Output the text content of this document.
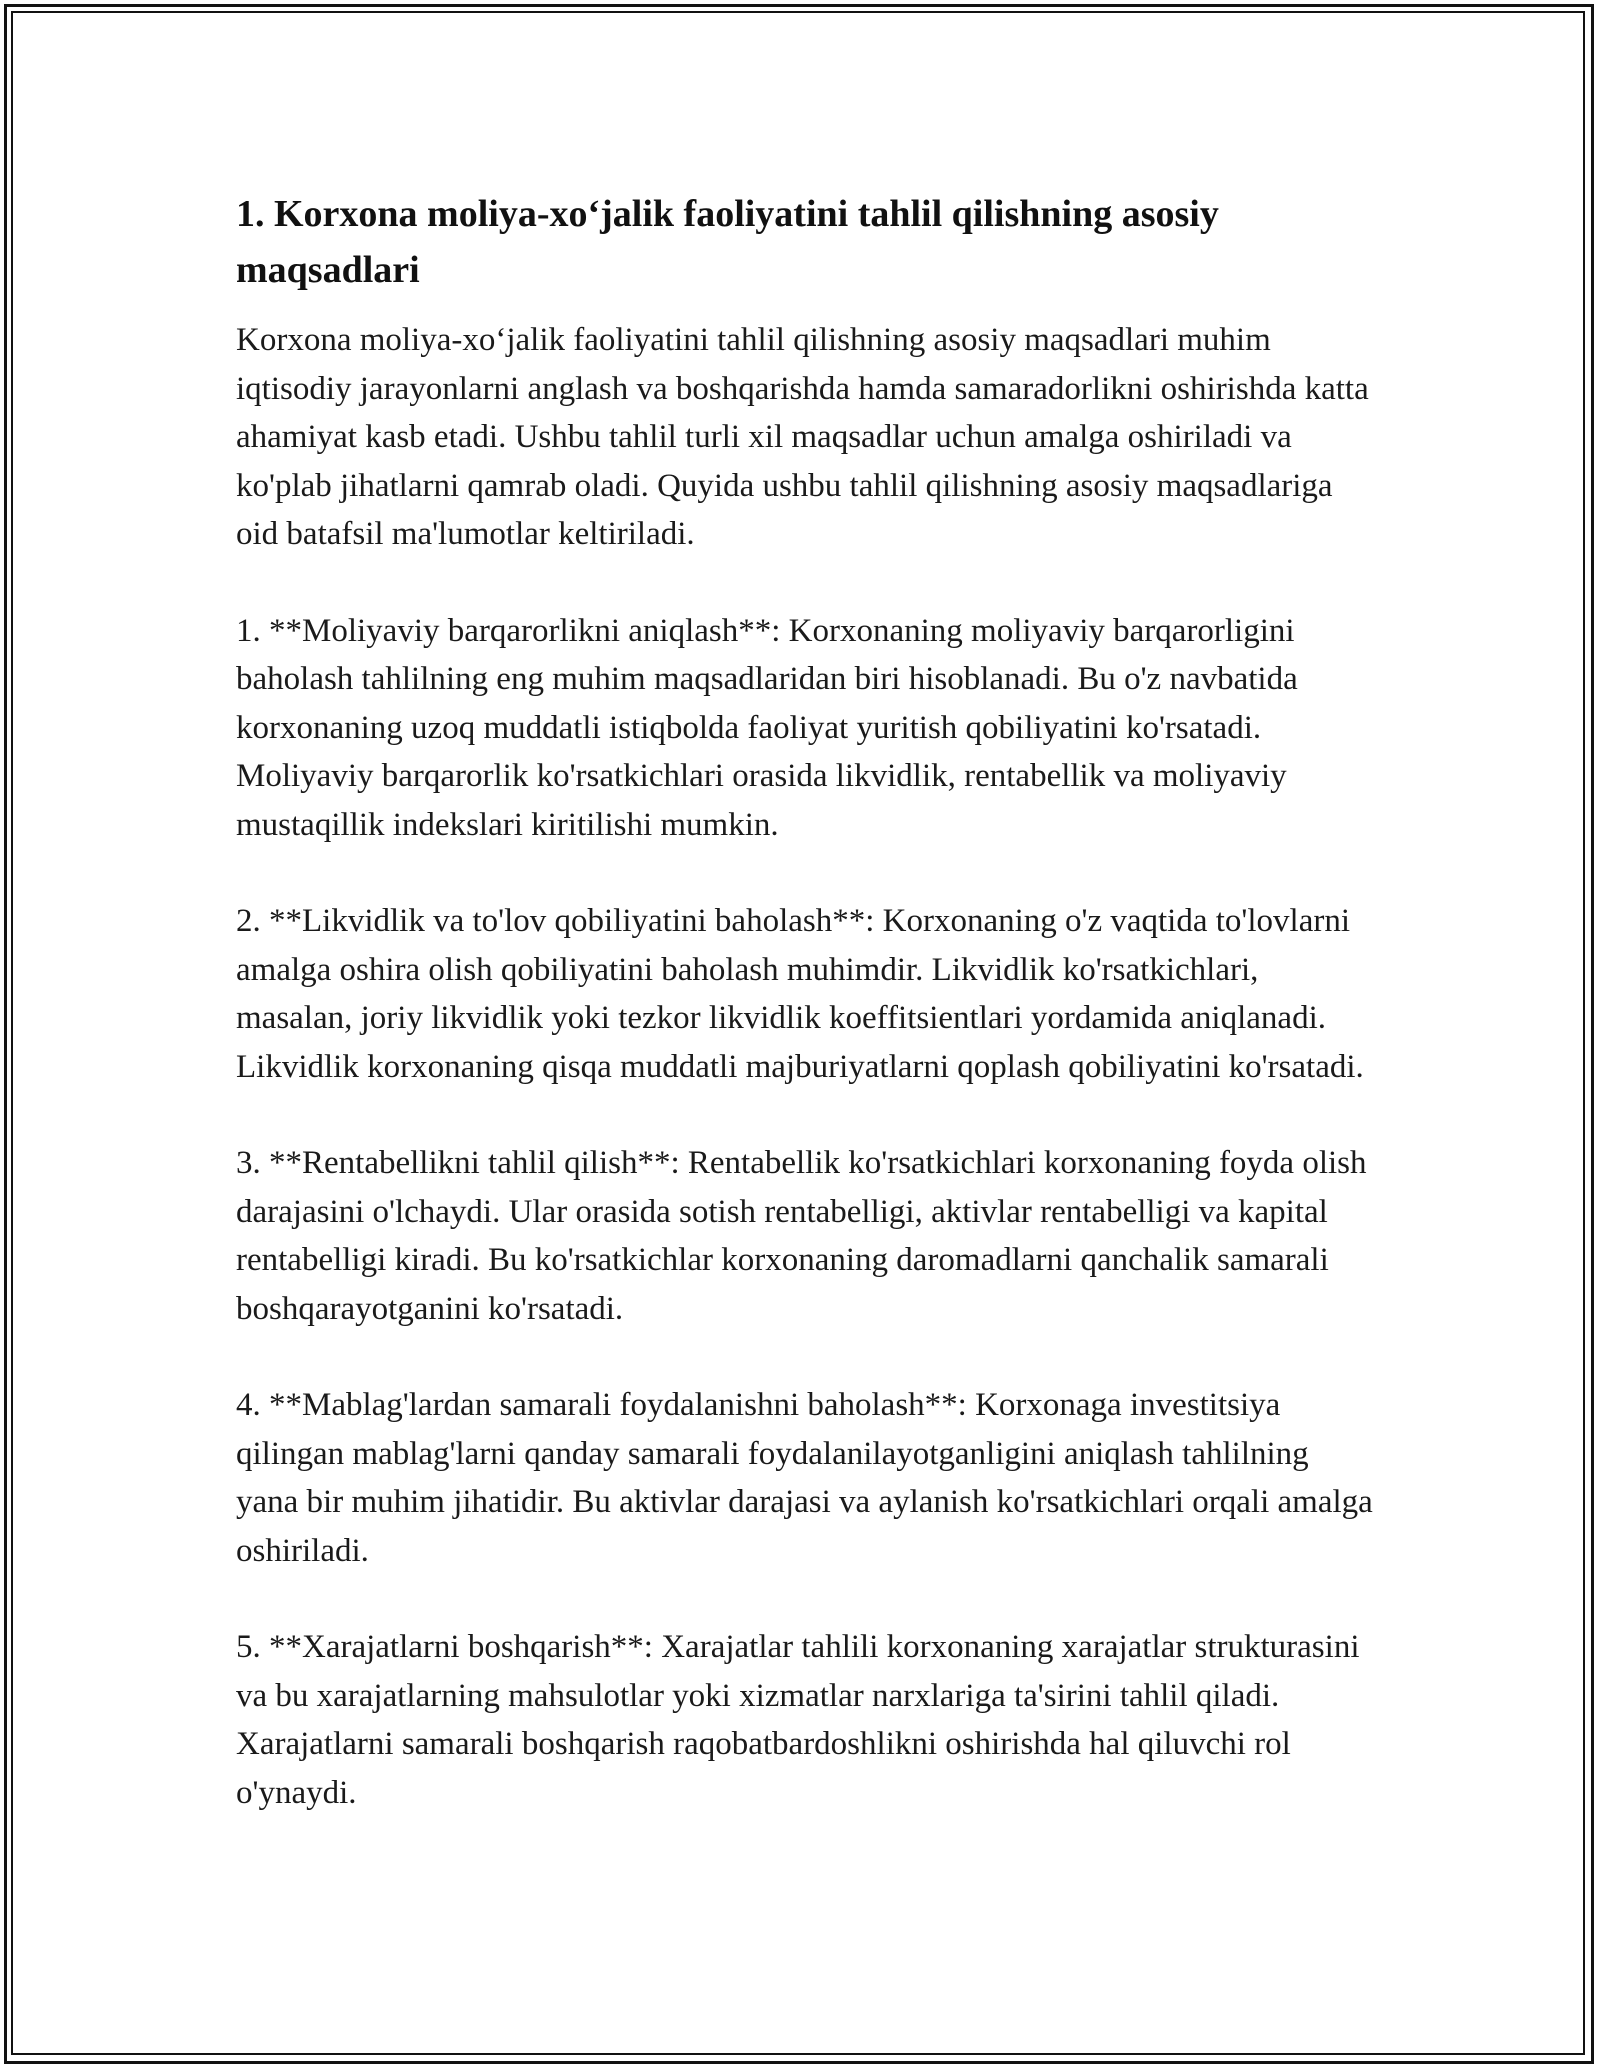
1. Korxona moliya-xo‘jalik faoliyatini tahlil qilishning asosiy maqsadlari

Korxona moliya-xo‘jalik faoliyatini tahlil qilishning asosiy maqsadlari muhim iqtisodiy jarayonlarni anglash va boshqarishda hamda samaradorlikni oshirishda katta ahamiyat kasb etadi. Ushbu tahlil turli xil maqsadlar uchun amalga oshiriladi va ko'plab jihatlarni qamrab oladi. Quyida ushbu tahlil qilishning asosiy maqsadlariga oid batafsil ma'lumotlar keltiriladi.

1. **Moliyaviy barqarorlikni aniqlash**: Korxonaning moliyaviy barqarorligini baholash tahlilning eng muhim maqsadlaridan biri hisoblanadi. Bu o'z navbatida korxonaning uzoq muddatli istiqbolda faoliyat yuritish qobiliyatini ko'rsatadi. Moliyaviy barqarorlik ko'rsatkichlari orasida likvidlik, rentabellik va moliyaviy mustaqillik indekslari kiritilishi mumkin.

2. **Likvidlik va to'lov qobiliyatini baholash**: Korxonaning o'z vaqtida to'lovlarni amalga oshira olish qobiliyatini baholash muhimdir. Likvidlik ko'rsatkichlari, masalan, joriy likvidlik yoki tezkor likvidlik koeffitsientlari yordamida aniqlanadi. Likvidlik korxonaning qisqa muddatli majburiyatlarni qoplash qobiliyatini ko'rsatadi.

3. **Rentabellikni tahlil qilish**: Rentabellik ko'rsatkichlari korxonaning foyda olish darajasini o'lchaydi. Ular orasida sotish rentabelligi, aktivlar rentabelligi va kapital rentabelligi kiradi. Bu ko'rsatkichlar korxonaning daromadlarni qanchalik samarali boshqarayotganini ko'rsatadi.

4. **Mablag'lardan samarali foydalanishni baholash**: Korxonaga investitsiya qilingan mablag'larni qanday samarali foydalanilayotganligini aniqlash tahlilning yana bir muhim jihatidir. Bu aktivlar darajasi va aylanish ko'rsatkichlari orqali amalga oshiriladi.

5. **Xarajatlarni boshqarish**: Xarajatlar tahlili korxonaning xarajatlar strukturasini va bu xarajatlarning mahsulotlar yoki xizmatlar narxlariga ta'sirini tahlil qiladi. Xarajatlarni samarali boshqarish raqobatbardoshlikni oshirishda hal qiluvchi rol o'ynaydi.
